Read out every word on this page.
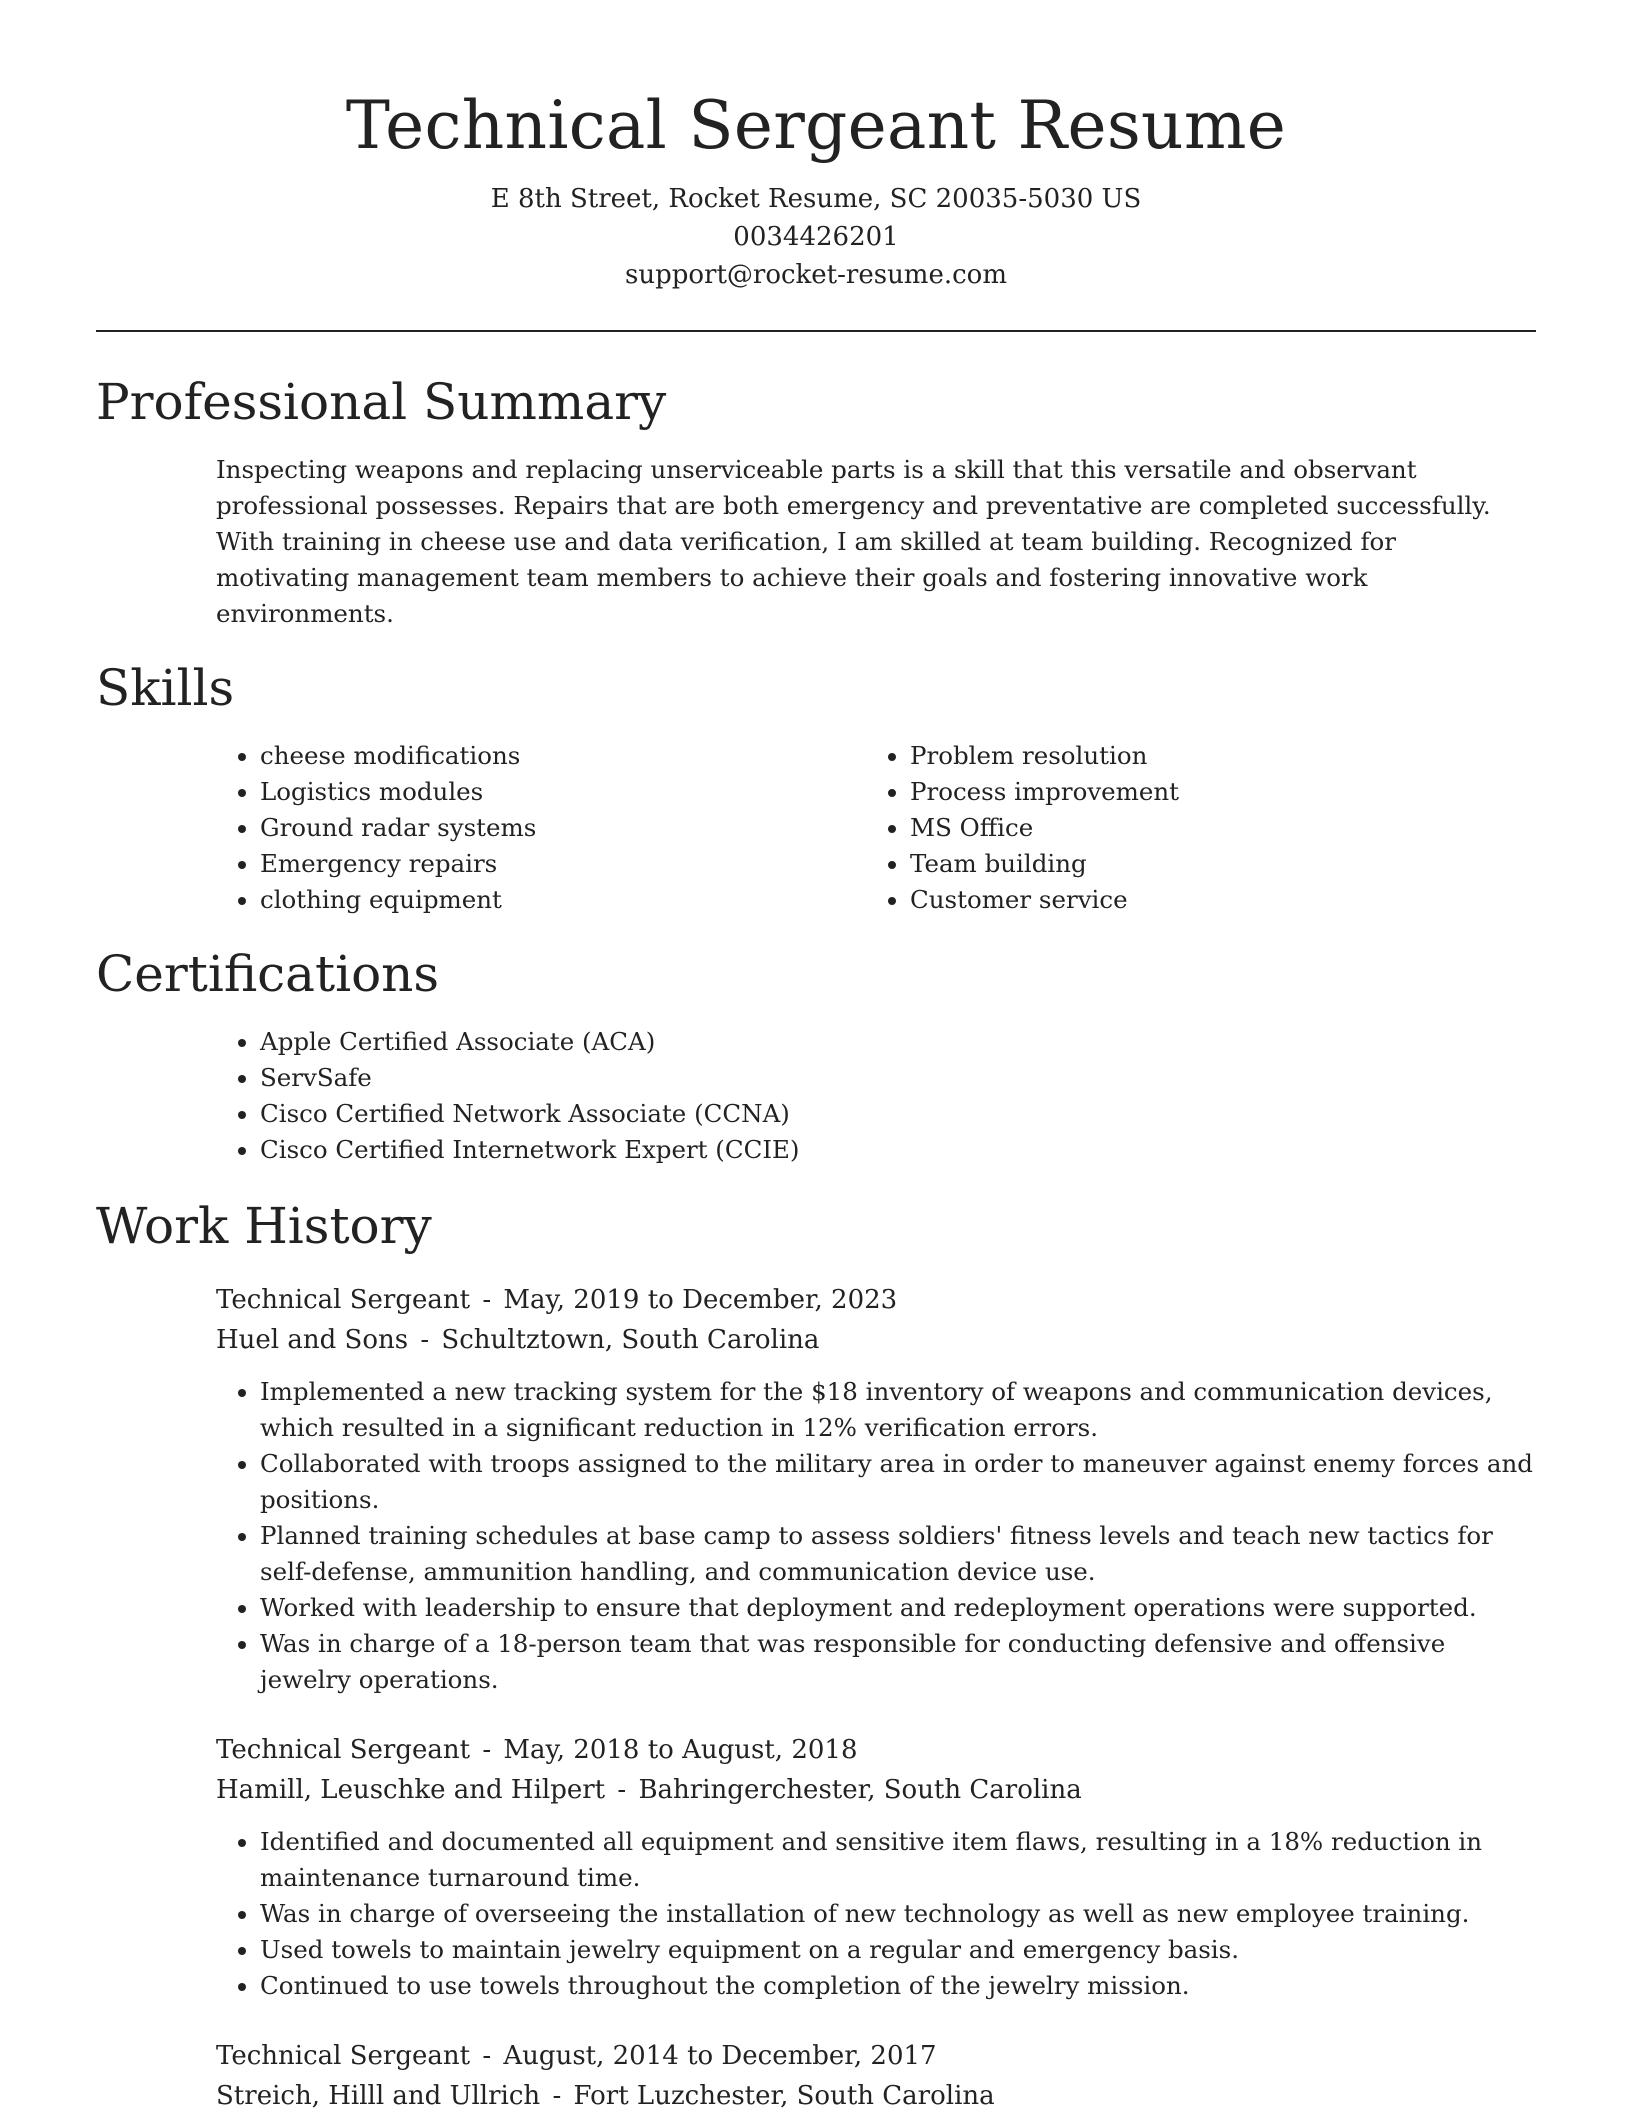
Technical Sergeant Resume
E 8th Street, Rocket Resume, SC 20035-5030 US
0034426201
support@rocket-resume.com
Professional Summary

Inspecting weapons and replacing unserviceable parts is a skill that this versatile and observant professional possesses. Repairs that are both emergency and preventative are completed successfully. With training in cheese use and data verification, I am skilled at team building. Recognized for motivating management team members to achieve their goals and fostering innovative work environments.

Skills
• cheese modifications
• Logistics modules
• Ground radar systems
• Emergency repairs
• clothing equipment
• Problem resolution
• Process improvement
• MS Office
• Team building
• Customer service
Certifications
• Apple Certified Associate (ACA)
• ServSafe
• Cisco Certified Network Associate (CCNA)
• Cisco Certified Internetwork Expert (CCIE)
Work History
Technical Sergeant - May, 2019 to December, 2023
Huel and Sons - Schultztown, South Carolina
• Implemented a new tracking system for the $18 inventory of weapons and communication devices, which resulted in a significant reduction in 12% verification errors.
• Collaborated with troops assigned to the military area in order to maneuver against enemy forces and positions.
• Planned training schedules at base camp to assess soldiers' fitness levels and teach new tactics for self-defense, ammunition handling, and communication device use.
• Worked with leadership to ensure that deployment and redeployment operations were supported.
• Was in charge of a 18-person team that was responsible for conducting defensive and offensive jewelry operations.
Technical Sergeant - May, 2018 to August, 2018
Hamill, Leuschke and Hilpert - Bahringerchester, South Carolina
• Identified and documented all equipment and sensitive item flaws, resulting in a 18% reduction in maintenance turnaround time.
• Was in charge of overseeing the installation of new technology as well as new employee training.
• Used towels to maintain jewelry equipment on a regular and emergency basis.
• Continued to use towels throughout the completion of the jewelry mission.
Technical Sergeant - August, 2014 to December, 2017
Streich, Hilll and Ullrich - Fort Luzchester, South Carolina
